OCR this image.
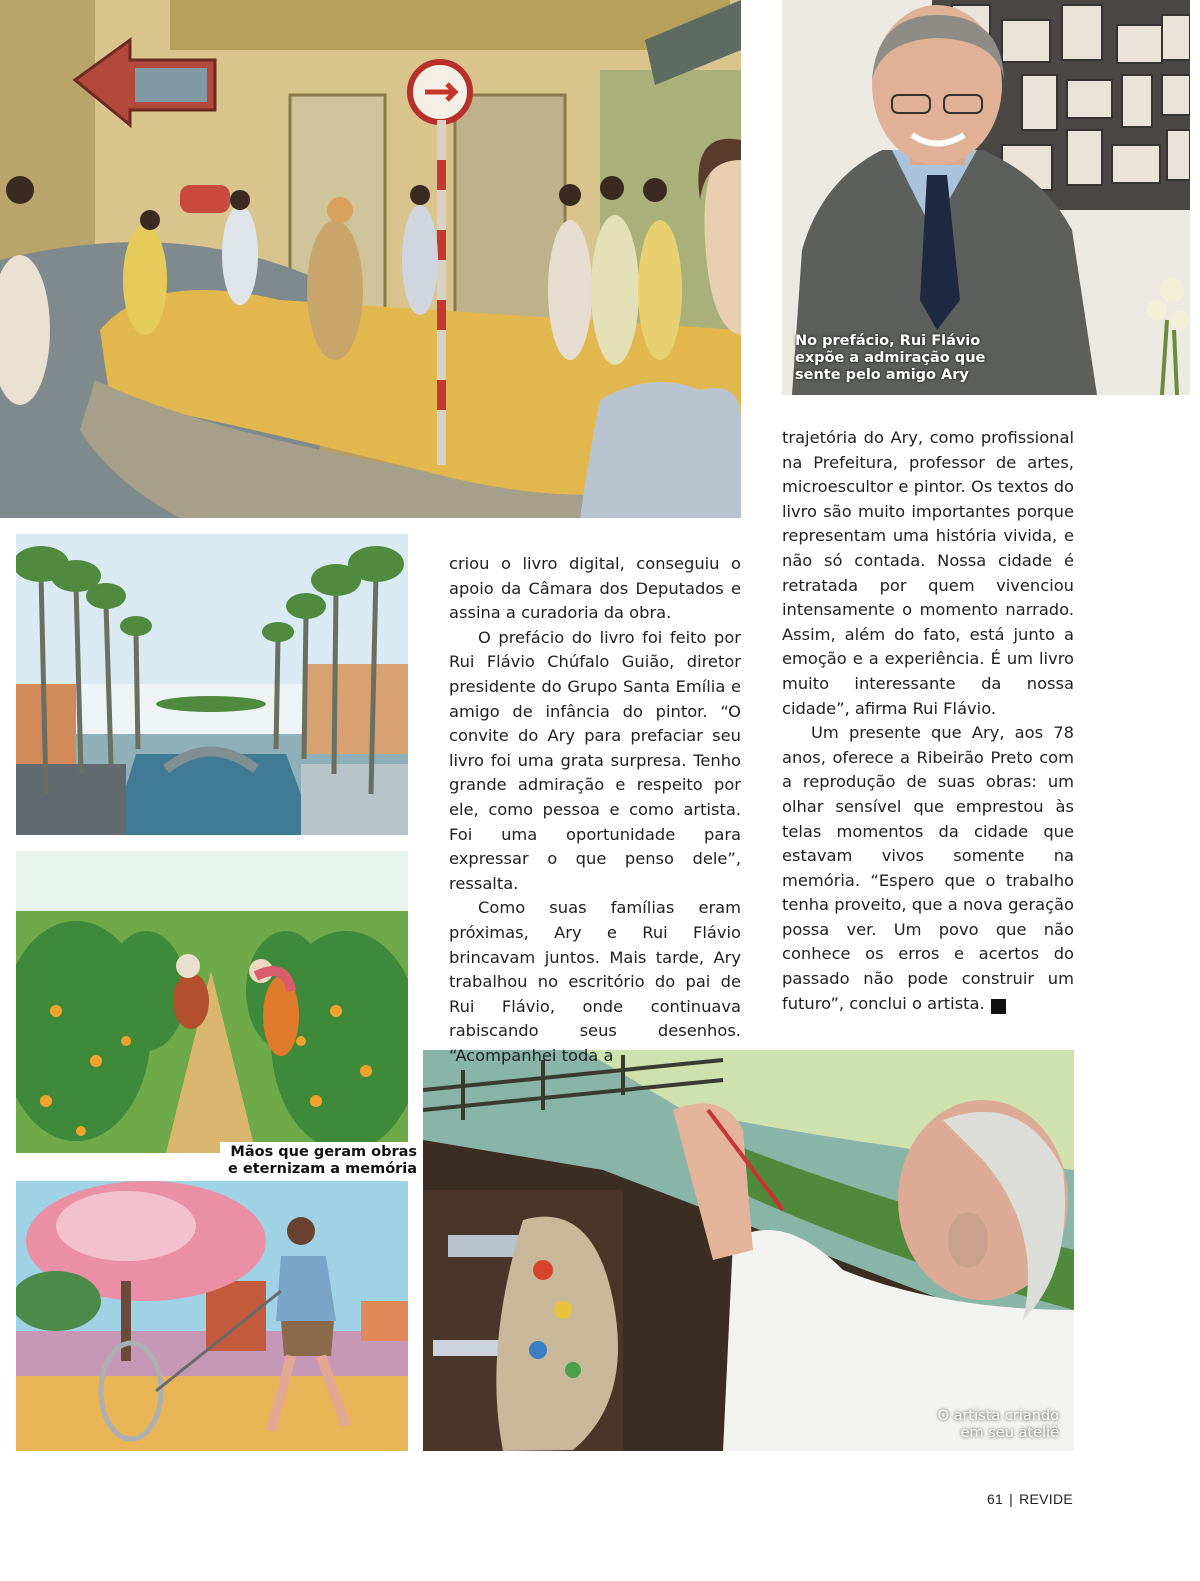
No prefácio, Rui Flávio
expõe a admiração que
sente pelo amigo Ary
Mãos que geram obras
e eternizam a memória
O artista criando
em seu ateliê

criou o livro digital, conseguiu o apoio da Câmara dos Deputados e assina a curadoria da obra.

O prefácio do livro foi feito por Rui Flávio Chúfalo Guião, diretor presidente do Grupo Santa Emília e amigo de infância do pintor. “O convite do Ary para prefaciar seu livro foi uma grata surpresa. Tenho grande admiração e respeito por ele, como pessoa e como artista. Foi uma oportunidade para expressar o que penso dele”, ressalta.

Como suas famílias eram próximas, Ary e Rui Flávio brincavam juntos. Mais tarde, Ary trabalhou no escritório do pai de Rui Flávio, onde continuava rabiscando seus desenhos. “Acompanhei toda a

trajetória do Ary, como profissional na Prefeitura, professor de artes, microescultor e pintor. Os textos do livro são muito importantes porque representam uma história vivida, e não só contada. Nossa cidade é retratada por quem vivenciou intensamente o momento narrado. Assim, além do fato, está junto a emoção e a experiência. É um livro muito interessante da nossa cidade”, afirma Rui Flávio.

Um presente que Ary, aos 78 anos, oferece a Ribeirão Preto com a reprodução de suas obras: um olhar sensível que emprestou às telas momentos da cidade que estavam vivos somente na memória. “Espero que o trabalho tenha proveito, que a nova geração possa ver. Um povo que não conhece os erros e acertos do passado não pode construir um futuro”, conclui o artista.	r

61 | REVIDE
